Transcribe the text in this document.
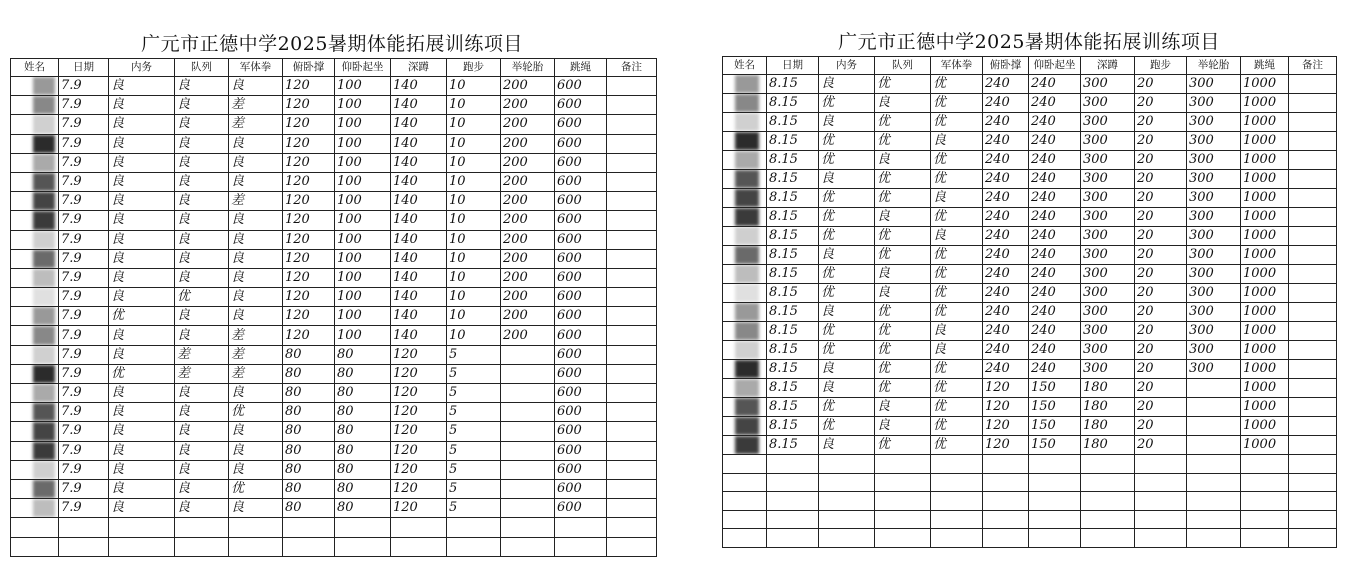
广元市正德中学2025暑期体能拓展训练项目
姓名	日期	内务	队列	军体拳	俯卧撑	仰卧起坐	深蹲	跑步	举轮胎	跳绳	备注

	7.9	良	良	良	120	100	140	10	200	600	

	7.9	良	良	差	120	100	140	10	200	600	

	7.9	良	良	差	120	100	140	10	200	600	

	7.9	良	良	良	120	100	140	10	200	600	

	7.9	良	良	良	120	100	140	10	200	600	

	7.9	良	良	良	120	100	140	10	200	600	

	7.9	良	良	差	120	100	140	10	200	600	

	7.9	良	良	良	120	100	140	10	200	600	

	7.9	良	良	良	120	100	140	10	200	600	

	7.9	良	良	良	120	100	140	10	200	600	

	7.9	良	良	良	120	100	140	10	200	600	

	7.9	良	优	良	120	100	140	10	200	600	

	7.9	优	良	良	120	100	140	10	200	600	

	7.9	良	良	差	120	100	140	10	200	600	

	7.9	良	差	差	80	80	120	5		600	

	7.9	优	差	差	80	80	120	5		600	

	7.9	良	良	良	80	80	120	5		600	

	7.9	良	良	优	80	80	120	5		600	

	7.9	良	良	良	80	80	120	5		600	

	7.9	良	良	良	80	80	120	5		600	

	7.9	良	良	良	80	80	120	5		600	

	7.9	良	良	优	80	80	120	5		600	

	7.9	良	良	良	80	80	120	5		600	

广元市正德中学2025暑期体能拓展训练项目
姓名	日期	内务	队列	军体拳	俯卧撑	仰卧起坐	深蹲	跑步	举轮胎	跳绳	备注

	8.15	良	优	优	240	240	300	20	300	1000	

	8.15	优	良	优	240	240	300	20	300	1000	

	8.15	良	优	优	240	240	300	20	300	1000	

	8.15	优	优	良	240	240	300	20	300	1000	

	8.15	优	良	优	240	240	300	20	300	1000	

	8.15	良	优	优	240	240	300	20	300	1000	

	8.15	优	优	良	240	240	300	20	300	1000	

	8.15	优	良	优	240	240	300	20	300	1000	

	8.15	优	优	良	240	240	300	20	300	1000	

	8.15	良	优	优	240	240	300	20	300	1000	

	8.15	优	良	优	240	240	300	20	300	1000	

	8.15	优	良	优	240	240	300	20	300	1000	

	8.15	良	优	优	240	240	300	20	300	1000	

	8.15	优	优	良	240	240	300	20	300	1000	

	8.15	优	优	良	240	240	300	20	300	1000	

	8.15	良	优	优	240	240	300	20	300	1000	

	8.15	良	优	优	120	150	180	20		1000	

	8.15	优	良	优	120	150	180	20		1000	

	8.15	优	良	优	120	150	180	20		1000	

	8.15	良	优	优	120	150	180	20		1000	
